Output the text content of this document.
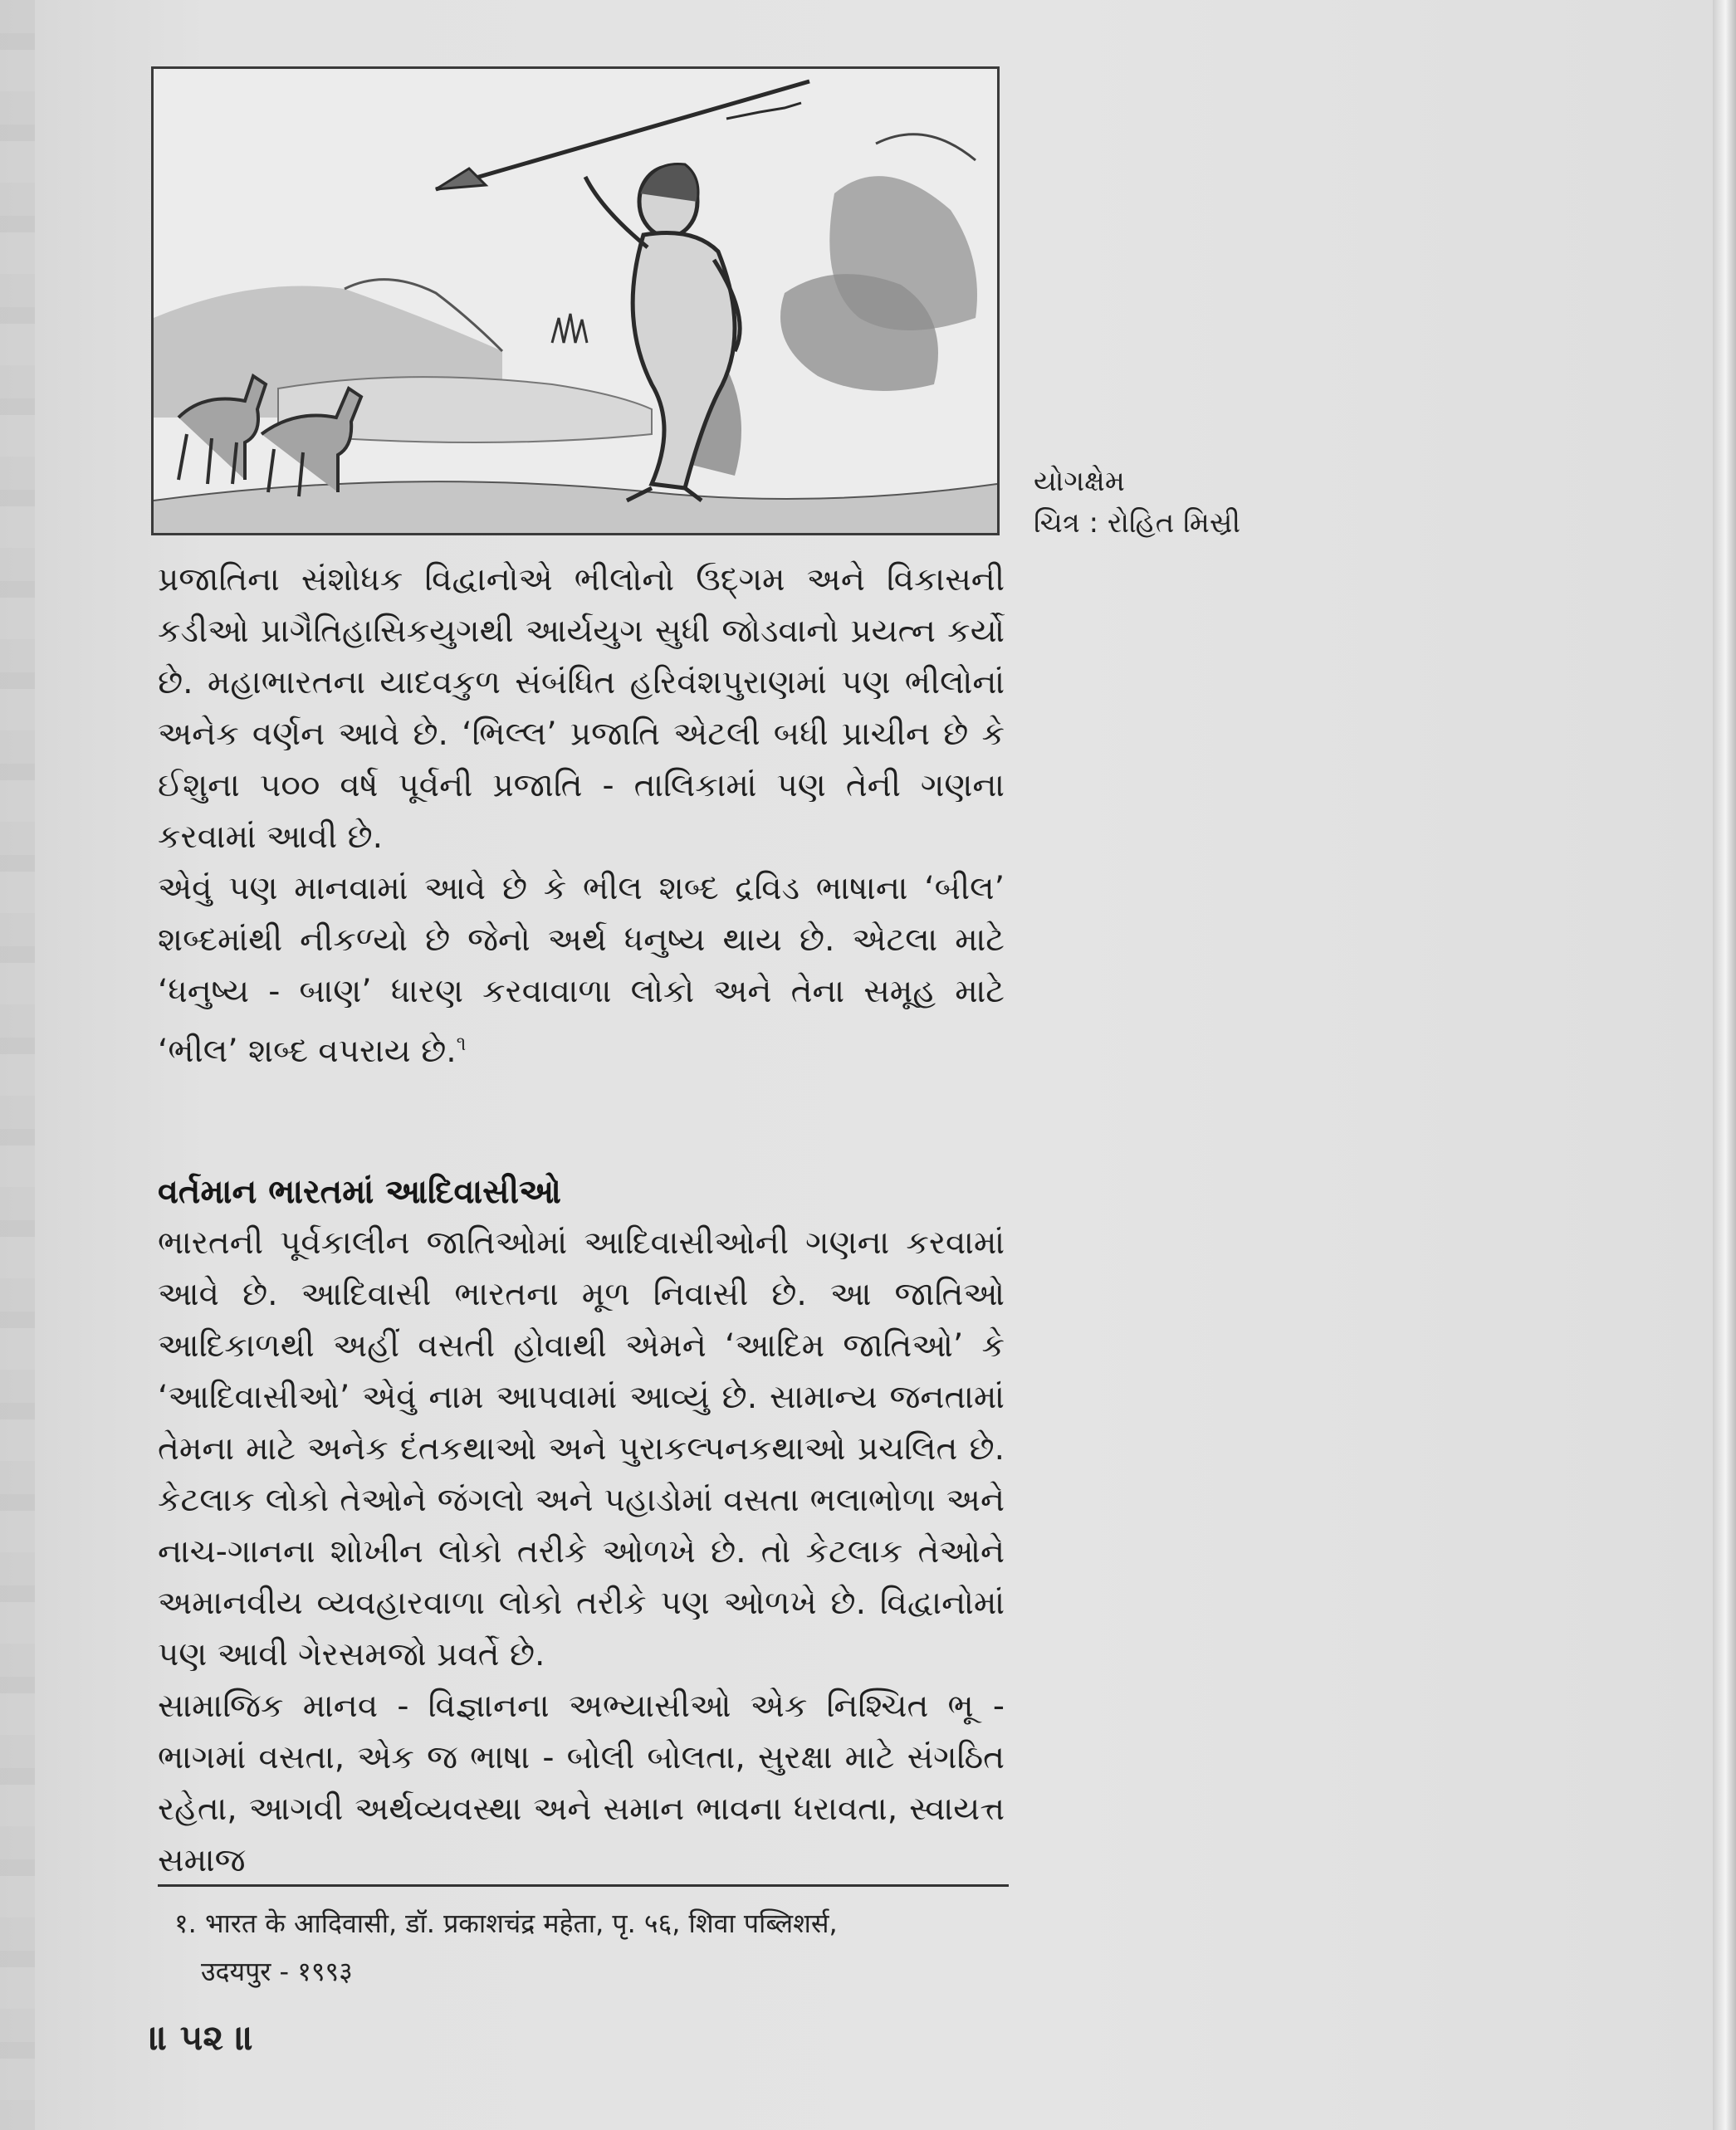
યોગક્ષેમ
ચિત્ર : રોહિત મિસ્રી

પ્રજાતિના સંશોધક વિદ્વાનોએ ભીલોનો ઉદ્‌ગમ અને વિકાસની કડીઓ પ્રાગૈતિહાસિકયુગથી આર્યયુગ સુધી જોડવાનો પ્રયત્ન કર્યો છે. મહાભારતના યાદવકુળ સંબંધિત હરિવંશપુરાણમાં પણ ભીલોનાં અનેક વર્ણન આવે છે. ‘ભિલ્લ’ પ્રજાતિ એટલી બધી પ્રાચીન છે કે ઈશુના ૫૦૦ વર્ષ પૂર્વની પ્રજાતિ - તાલિકામાં પણ તેની ગણના કરવામાં આવી છે.

એવું પણ માનવામાં આવે છે કે ભીલ શબ્દ દ્રવિડ ભાષાના ‘બીલ’ શબ્દમાંથી નીકળ્યો છે જેનો અર્થ ધનુષ્ય થાય છે. એટલા માટે ‘ધનુષ્ય - બાણ’ ધારણ કરવાવાળા લોકો અને તેના સમૂહ માટે ‘ભીલ’ શબ્દ વપરાય છે.$^૧$

વર્તમાન ભારતમાં આદિવાસીઓ

ભારતની પૂર્વકાલીન જાતિઓમાં આદિવાસીઓની ગણના કરવામાં આવે છે. આદિવાસી ભારતના મૂળ નિવાસી છે. આ જાતિઓ આદિકાળથી અહીં વસતી હોવાથી એમને ‘આદિમ જાતિઓ’ કે ‘આદિવાસીઓ’ એવું નામ આપવામાં આવ્યું છે. સામાન્ય જનતામાં તેમના માટે અનેક દંતકથાઓ અને પુરાકલ્પનકથાઓ પ્રચલિત છે. કેટલાક લોકો તેઓને જંગલો અને પહાડોમાં વસતા ભલાભોળા અને નાચ-ગાનના શોખીન લોકો તરીકે ઓળખે છે. તો કેટલાક તેઓને અમાનવીય વ્યવહારવાળા લોકો તરીકે પણ ઓળખે છે. વિદ્વાનોમાં પણ આવી ગેરસમજો પ્રવર્તે છે.

સામાજિક માનવ - વિજ્ઞાનના અભ્યાસીઓ એક નિશ્ચિત ભૂ - ભાગમાં વસતા, એક જ ભાષા - બોલી બોલતા, સુરક્ષા માટે સંગઠિત રહેતા, આગવી અર્થવ્યવસ્થા અને સમાન ભાવના ધરાવતા, સ્વાયત્ત સમાજ

१. भारत के आदिवासी, डॉ. प्रकाशचंद्र महेता, पृ. ५६, शिवा पब्लिशर्स,
उदयपुर - १९९३
॥ ૫૨ ॥
